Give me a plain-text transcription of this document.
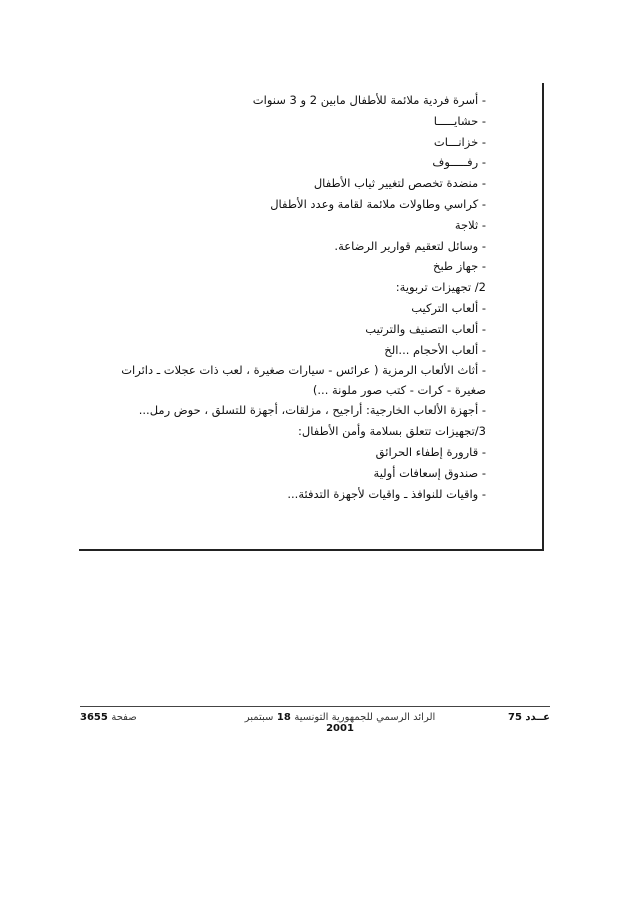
- أسرة فردية ملائمة للأطفال مابين 2 و 3 سنوات
- حشايـــــا
- خزانـــات
- رفـــــوف
- منضدة تخصص لتغيير ثياب الأطفال
- كراسي وطاولات ملائمة لقامة وعدد الأطفال
- ثلاجة
- وسائل لتعقيم قوارير الرضاعة.
- جهاز طبخ
2/ تجهيزات تربوية:
- ألعاب التركيب
- ألعاب التصنيف والترتيب
- ألعاب الأحجام ...الخ
- أثاث الألعاب الرمزية ( عرائس - سيارات صغيرة ، لعب ذات عجلات ـ دائرات صغيرة - كرات - كتب صور ملونة ...)
- أجهزة الألعاب الخارجية: أراجيح ، مزلقات، أجهزة للتسلق ، حوض رمل...
3/تجهيزات تتعلق بسلامة وأمن الأطفال:
- قارورة إطفاء الحرائق
- صندوق إسعافات أولية
- واقيات للنوافذ ـ واقيات لأجهزة التدفئة...
عــدد 75
الرائد الرسمي للجمهورية التونسية 18 سبتمبر 2001
صفحة 3655
